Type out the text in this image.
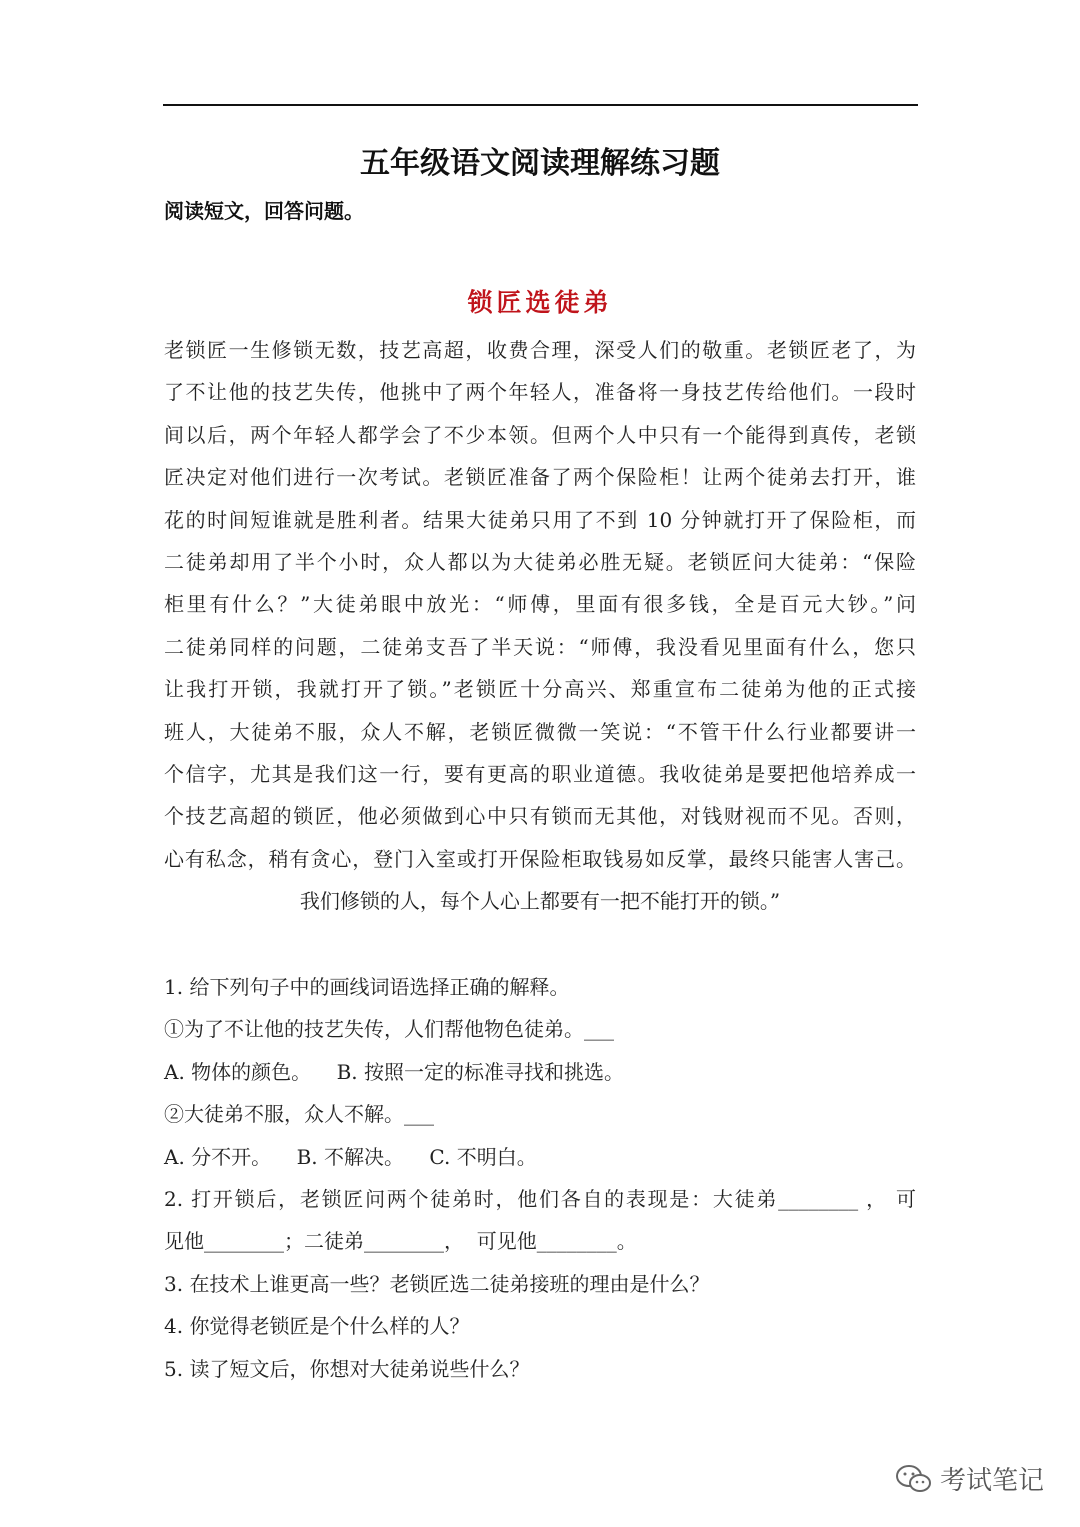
五年级语文阅读理解练习题
阅读短文，回答问题。
锁匠选徒弟
老锁匠一生修锁无数，技艺高超，收费合理，深受人们的敬重。老锁匠老了，为
了不让他的技艺失传，他挑中了两个年轻人，准备将一身技艺传给他们。一段时
间以后，两个年轻人都学会了不少本领。但两个人中只有一个能得到真传，老锁
匠决定对他们进行一次考试。老锁匠准备了两个保险柜！让两个徒弟去打开，谁
花的时间短谁就是胜利者。结果大徒弟只用了不到 10 分钟就打开了保险柜，而
二徒弟却用了半个小时，众人都以为大徒弟必胜无疑。老锁匠问大徒弟：“保险
柜里有什么？”大徒弟眼中放光：“师傅，里面有很多钱，全是百元大钞。”问
二徒弟同样的问题，二徒弟支吾了半天说：“师傅，我没看见里面有什么，您只
让我打开锁，我就打开了锁。”老锁匠十分高兴、郑重宣布二徒弟为他的正式接
班人，大徒弟不服，众人不解，老锁匠微微一笑说：“不管干什么行业都要讲一
个信字，尤其是我们这一行，要有更高的职业道德。我收徒弟是要把他培养成一
个技艺高超的锁匠，他必须做到心中只有锁而无其他，对钱财视而不见。否则，
心有私念，稍有贪心，登门入室或打开保险柜取钱易如反掌，最终只能害人害己。
我们修锁的人，每个人心上都要有一把不能打开的锁。”
1. 给下列句子中的画线词语选择正确的解释。
①为了不让他的技艺失传，人们帮他物色徒弟。___
A. 物体的颜色。    B. 按照一定的标准寻找和挑选。
②大徒弟不服，众人不解。___
A. 分不开。    B. 不解决。    C. 不明白。
2. 打开锁后，老锁匠问两个徒弟时，他们各自的表现是：大徒弟________ ， 可
见他________；二徒弟________，  可见他________。
3. 在技术上谁更高一些？老锁匠选二徒弟接班的理由是什么？
4. 你觉得老锁匠是个什么样的人？
5. 读了短文后，你想对大徒弟说些什么？
考试笔记
